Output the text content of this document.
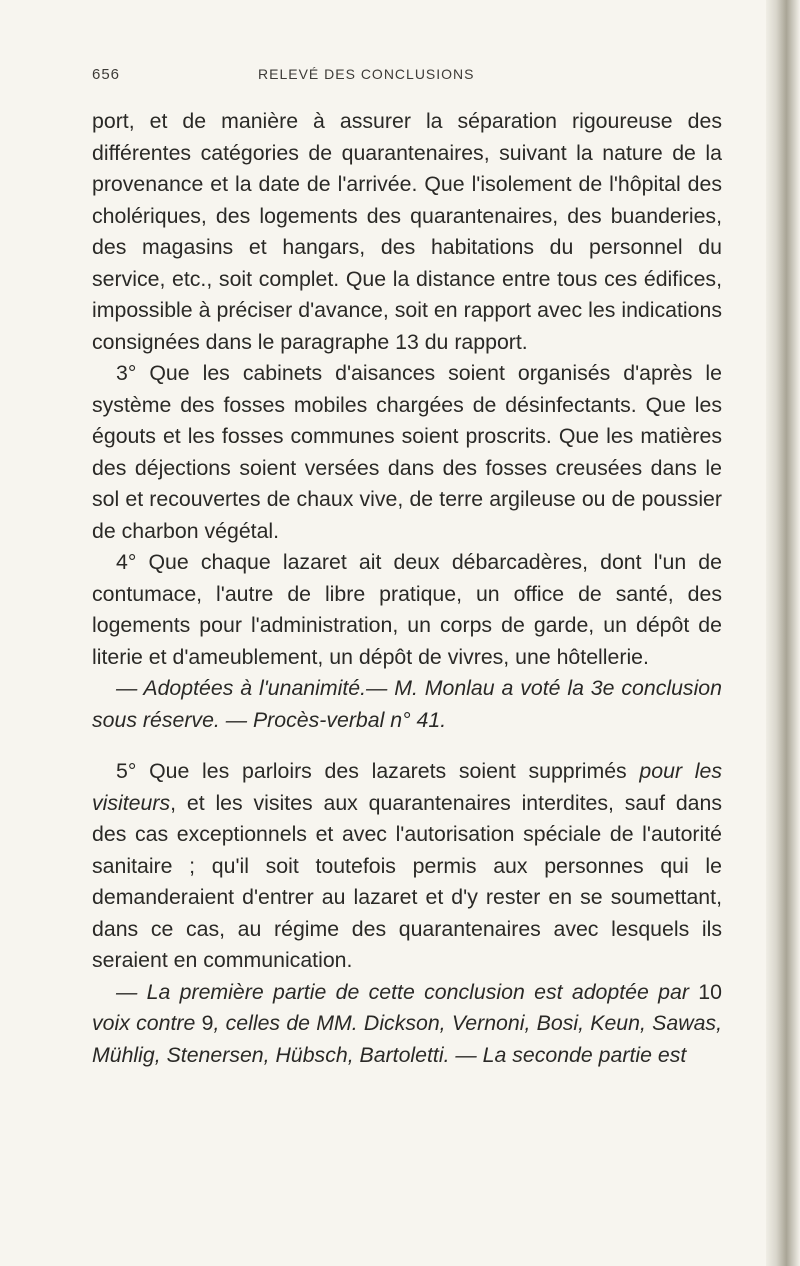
656	RELEVÉ DES CONCLUSIONS

port, et de manière à assurer la séparation rigoureuse des différentes catégories de quarantenaires, suivant la nature de la provenance et la date de l'arrivée. Que l'isolement de l'hôpital des cholériques, des logements des quarantenaires, des buanderies, des magasins et hangars, des habitations du personnel du service, etc., soit complet. Que la distance entre tous ces édifices, impossible à préciser d'avance, soit en rapport avec les indications consignées dans le paragraphe 13 du rapport.

3° Que les cabinets d'aisances soient organisés d'après le système des fosses mobiles chargées de désinfectants. Que les égouts et les fosses communes soient proscrits. Que les matières des déjections soient versées dans des fosses creusées dans le sol et recouvertes de chaux vive, de terre argileuse ou de poussier de charbon végétal.

4° Que chaque lazaret ait deux débarcadères, dont l'un de contumace, l'autre de libre pratique, un office de santé, des logements pour l'administration, un corps de garde, un dépôt de literie et d'ameublement, un dépôt de vivres, une hôtellerie.

— Adoptées à l'unanimité.— M. Monlau a voté la 3e conclusion sous réserve. — Procès-verbal n° 41.

5° Que les parloirs des lazarets soient supprimés pour les visiteurs, et les visites aux quarantenaires interdites, sauf dans des cas exceptionnels et avec l'autorisation spéciale de l'autorité sanitaire ; qu'il soit toutefois permis aux personnes qui le demanderaient d'entrer au lazaret et d'y rester en se soumettant, dans ce cas, au régime des quarantenaires avec lesquels ils seraient en communication.

— La première partie de cette conclusion est adoptée par 10 voix contre 9, celles de MM. Dickson, Vernoni, Bosi, Keun, Sawas, Mühlig, Stenersen, Hübsch, Bartoletti. — La seconde partie est
